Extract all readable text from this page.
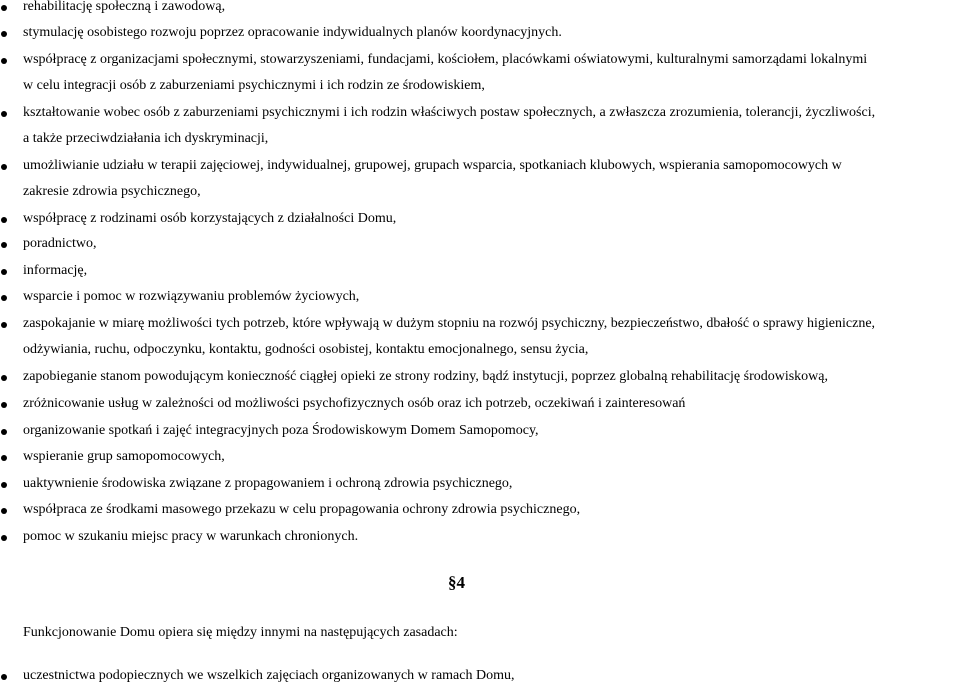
rehabilitację społeczną i zawodową,
stymulację osobistego rozwoju poprzez opracowanie indywidualnych planów koordynacyjnych.
współpracę z organizacjami społecznymi, stowarzyszeniami, fundacjami, kościołem, placówkami oświatowymi, kulturalnymi samorządami lokalnymi
w celu integracji osób z zaburzeniami psychicznymi i ich rodzin ze środowiskiem,
kształtowanie wobec osób z zaburzeniami psychicznymi i ich rodzin właściwych postaw społecznych, a zwłaszcza zrozumienia, tolerancji, życzliwości,
a także przeciwdziałania ich dyskryminacji,
umożliwianie udziału w terapii zajęciowej, indywidualnej, grupowej, grupach wsparcia, spotkaniach klubowych, wspierania samopomocowych w
zakresie zdrowia psychicznego,
współpracę z rodzinami osób korzystających z działalności Domu,
poradnictwo,
informację,
wsparcie i pomoc w rozwiązywaniu problemów życiowych,
zaspokajanie w miarę możliwości tych potrzeb, które wpływają w dużym stopniu na rozwój psychiczny, bezpieczeństwo, dbałość o sprawy higieniczne,
odżywiania, ruchu, odpoczynku, kontaktu, godności osobistej, kontaktu emocjonalnego, sensu życia,
zapobieganie stanom powodującym konieczność ciągłej opieki ze strony rodziny, bądź instytucji, poprzez globalną rehabilitację środowiskową,
zróżnicowanie usług w zależności od możliwości psychofizycznych osób oraz ich potrzeb, oczekiwań i zainteresowań
organizowanie spotkań i zajęć integracyjnych poza Środowiskowym Domem Samopomocy,
wspieranie grup samopomocowych,
uaktywnienie środowiska związane z propagowaniem i ochroną zdrowia psychicznego,
współpraca ze środkami masowego przekazu w celu propagowania ochrony zdrowia psychicznego,
pomoc w szukaniu miejsc pracy w warunkach chronionych.
§4
Funkcjonowanie Domu opiera się między innymi na następujących zasadach:
uczestnictwa podopiecznych we wszelkich zajęciach organizowanych w ramach Domu,
